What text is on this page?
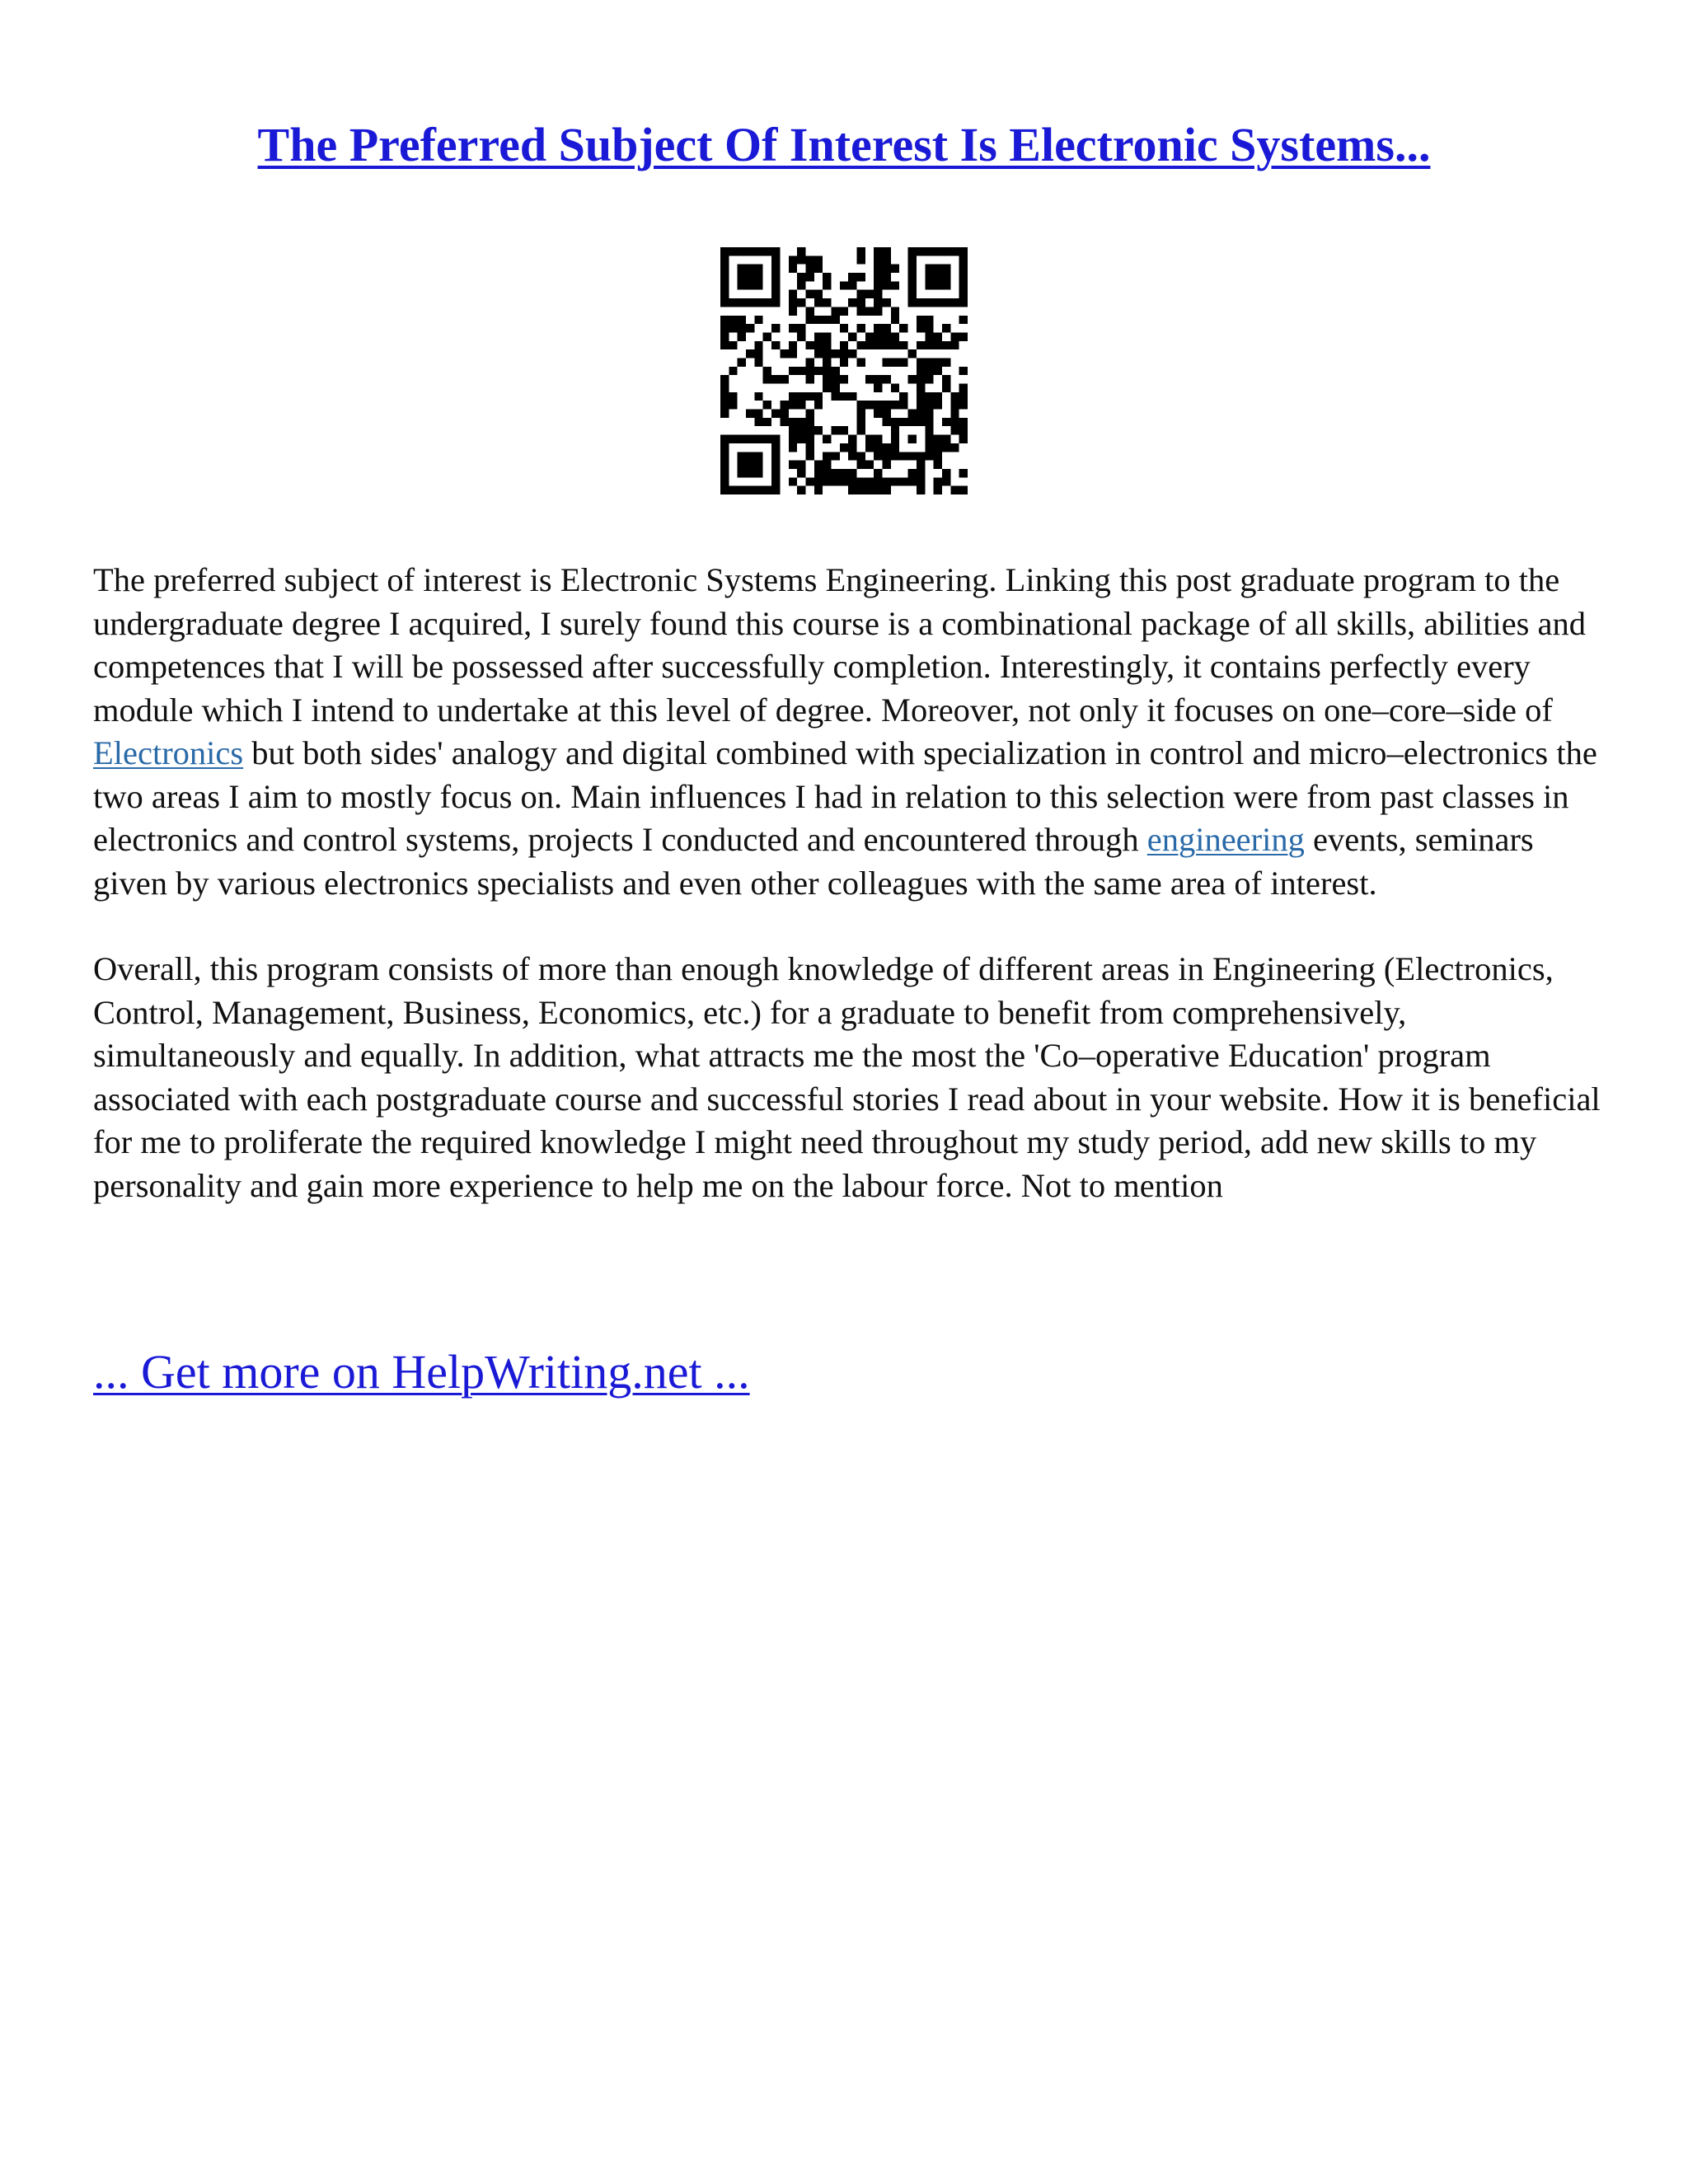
The Preferred Subject Of Interest Is Electronic Systems...

The preferred subject of interest is Electronic Systems Engineering. Linking this post graduate program to the undergraduate degree I acquired, I surely found this course is a combinational package of all skills, abilities and competences that I will be possessed after successfully completion. Interestingly, it contains perfectly every module which I intend to undertake at this level of degree. Moreover, not only it focuses on one–core–side of Electronics but both sides' analogy and digital combined with specialization in control and micro–electronics the two areas I aim to mostly focus on. Main influences I had in relation to this selection were from past classes in electronics and control systems, projects I conducted and encountered through engineering events, seminars given by various electronics specialists and even other colleagues with the same area of interest.

Overall, this program consists of more than enough knowledge of different areas in Engineering (Electronics, Control, Management, Business, Economics, etc.) for a graduate to benefit from comprehensively, simultaneously and equally. In addition, what attracts me the most the 'Co–operative Education' program associated with each postgraduate course and successful stories I read about in your website. How it is beneficial for me to proliferate the required knowledge I might need throughout my study period, add new skills to my personality and gain more experience to help me on the labour force. Not to mention

... Get more on HelpWriting.net ...
